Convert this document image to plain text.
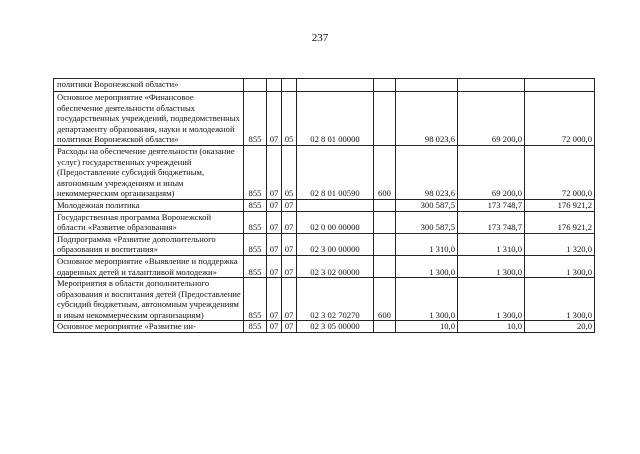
237
политики Воронежской области»								
Основное мероприятие «Финансовое обеспечение деятельности областных государственных учреждений, подведомственных департаменту образования, науки и молодежной политики Воронежской области»	855	07	05	02 8 01 00000		98 023,6	69 200,0	72 000,0
Расходы на обеспечение деятельности (оказание услуг) государственных учреждений (Предоставление субсидий бюджетным, автономным учреждениям и иным некоммерческим организациям)	855	07	05	02 8 01 00590	600	98 023,6	69 200,0	72 000,0
Молодежная политика	855	07	07			300 587,5	173 748,7	176 921,2
Государственная программа Воронежской области «Развитие образования»	855	07	07	02 0 00 00000		300 587,5	173 748,7	176 921,2
Подпрограмма «Развитие дополнительного образования и воспитания»	855	07	07	02 3 00 00000		1 310,0	1 310,0	1 320,0
Основное мероприятие «Выявление и поддержка одаренных детей и талантливой молодежи»	855	07	07	02 3 02 00000		1 300,0	1 300,0	1 300,0
Мероприятия в области дополнительного образования и воспитания детей (Предоставление субсидий бюджетным, автономным учреждениям и иным некоммерческим организациям)	855	07	07	02 3 02 70270	600	1 300,0	1 300,0	1 300,0
Основное мероприятие «Развитие ин-	855	07	07	02 3 05 00000		10,0	10,0	20,0
